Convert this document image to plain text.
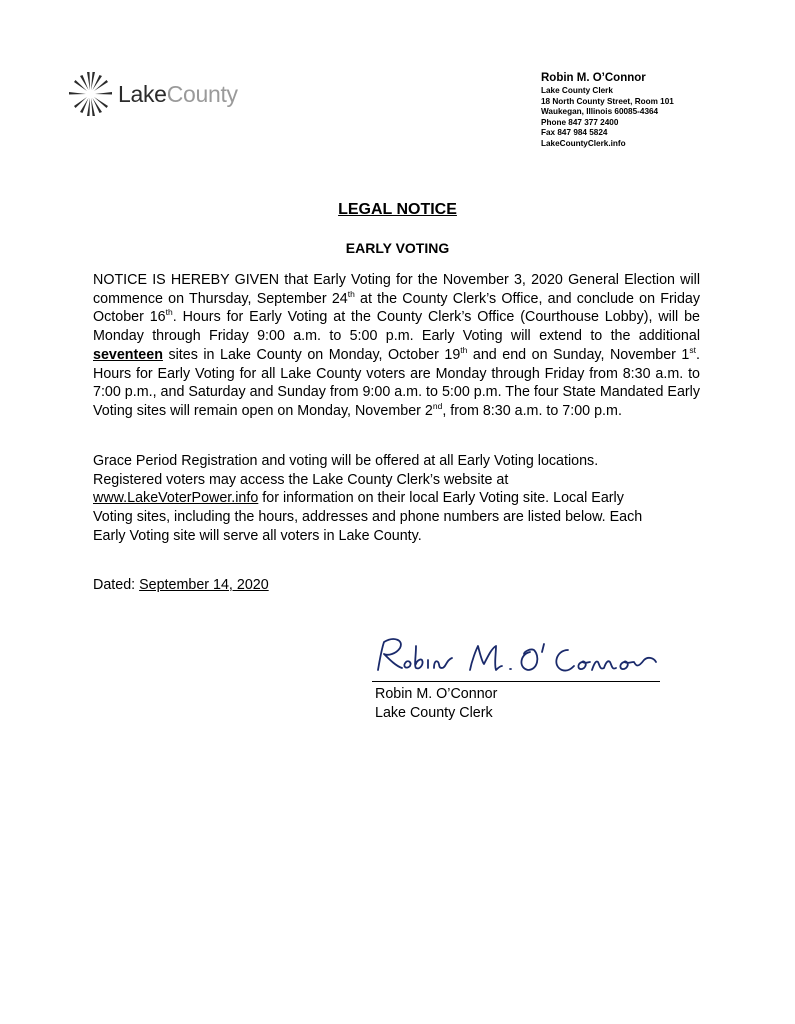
LakeCounty
Robin M. O’Connor
Lake County Clerk
18 North County Street, Room 101
Waukegan, Illinois 60085-4364
Phone 847 377 2400
Fax 847 984 5824
LakeCountyClerk.info
LEGAL NOTICE
EARLY VOTING
NOTICE IS HEREBY GIVEN that Early Voting for the November 3, 2020 General Election will commence on Thursday, September 24th at the County Clerk’s Office, and conclude on Friday October 16th. Hours for Early Voting at the County Clerk’s Office (Courthouse Lobby), will be Monday through Friday 9:00 a.m. to 5:00 p.m. Early Voting will extend to the additional seventeen sites in Lake County on Monday, October 19th and end on Sunday, November 1st. Hours for Early Voting for all Lake County voters are Monday through Friday from 8:30 a.m. to 7:00 p.m., and Saturday and Sunday from 9:00 a.m. to 5:00 p.m. The four State Mandated Early Voting sites will remain open on Monday, November 2nd, from 8:30 a.m. to 7:00 p.m.
Grace Period Registration and voting will be offered at all Early Voting locations.
Registered voters may access the Lake County Clerk’s website at
www.LakeVoterPower.info for information on their local Early Voting site. Local Early
Voting sites, including the hours, addresses and phone numbers are listed below. Each
Early Voting site will serve all voters in Lake County.
Dated: September 14, 2020
Robin M. O’Connor
Lake County Clerk
